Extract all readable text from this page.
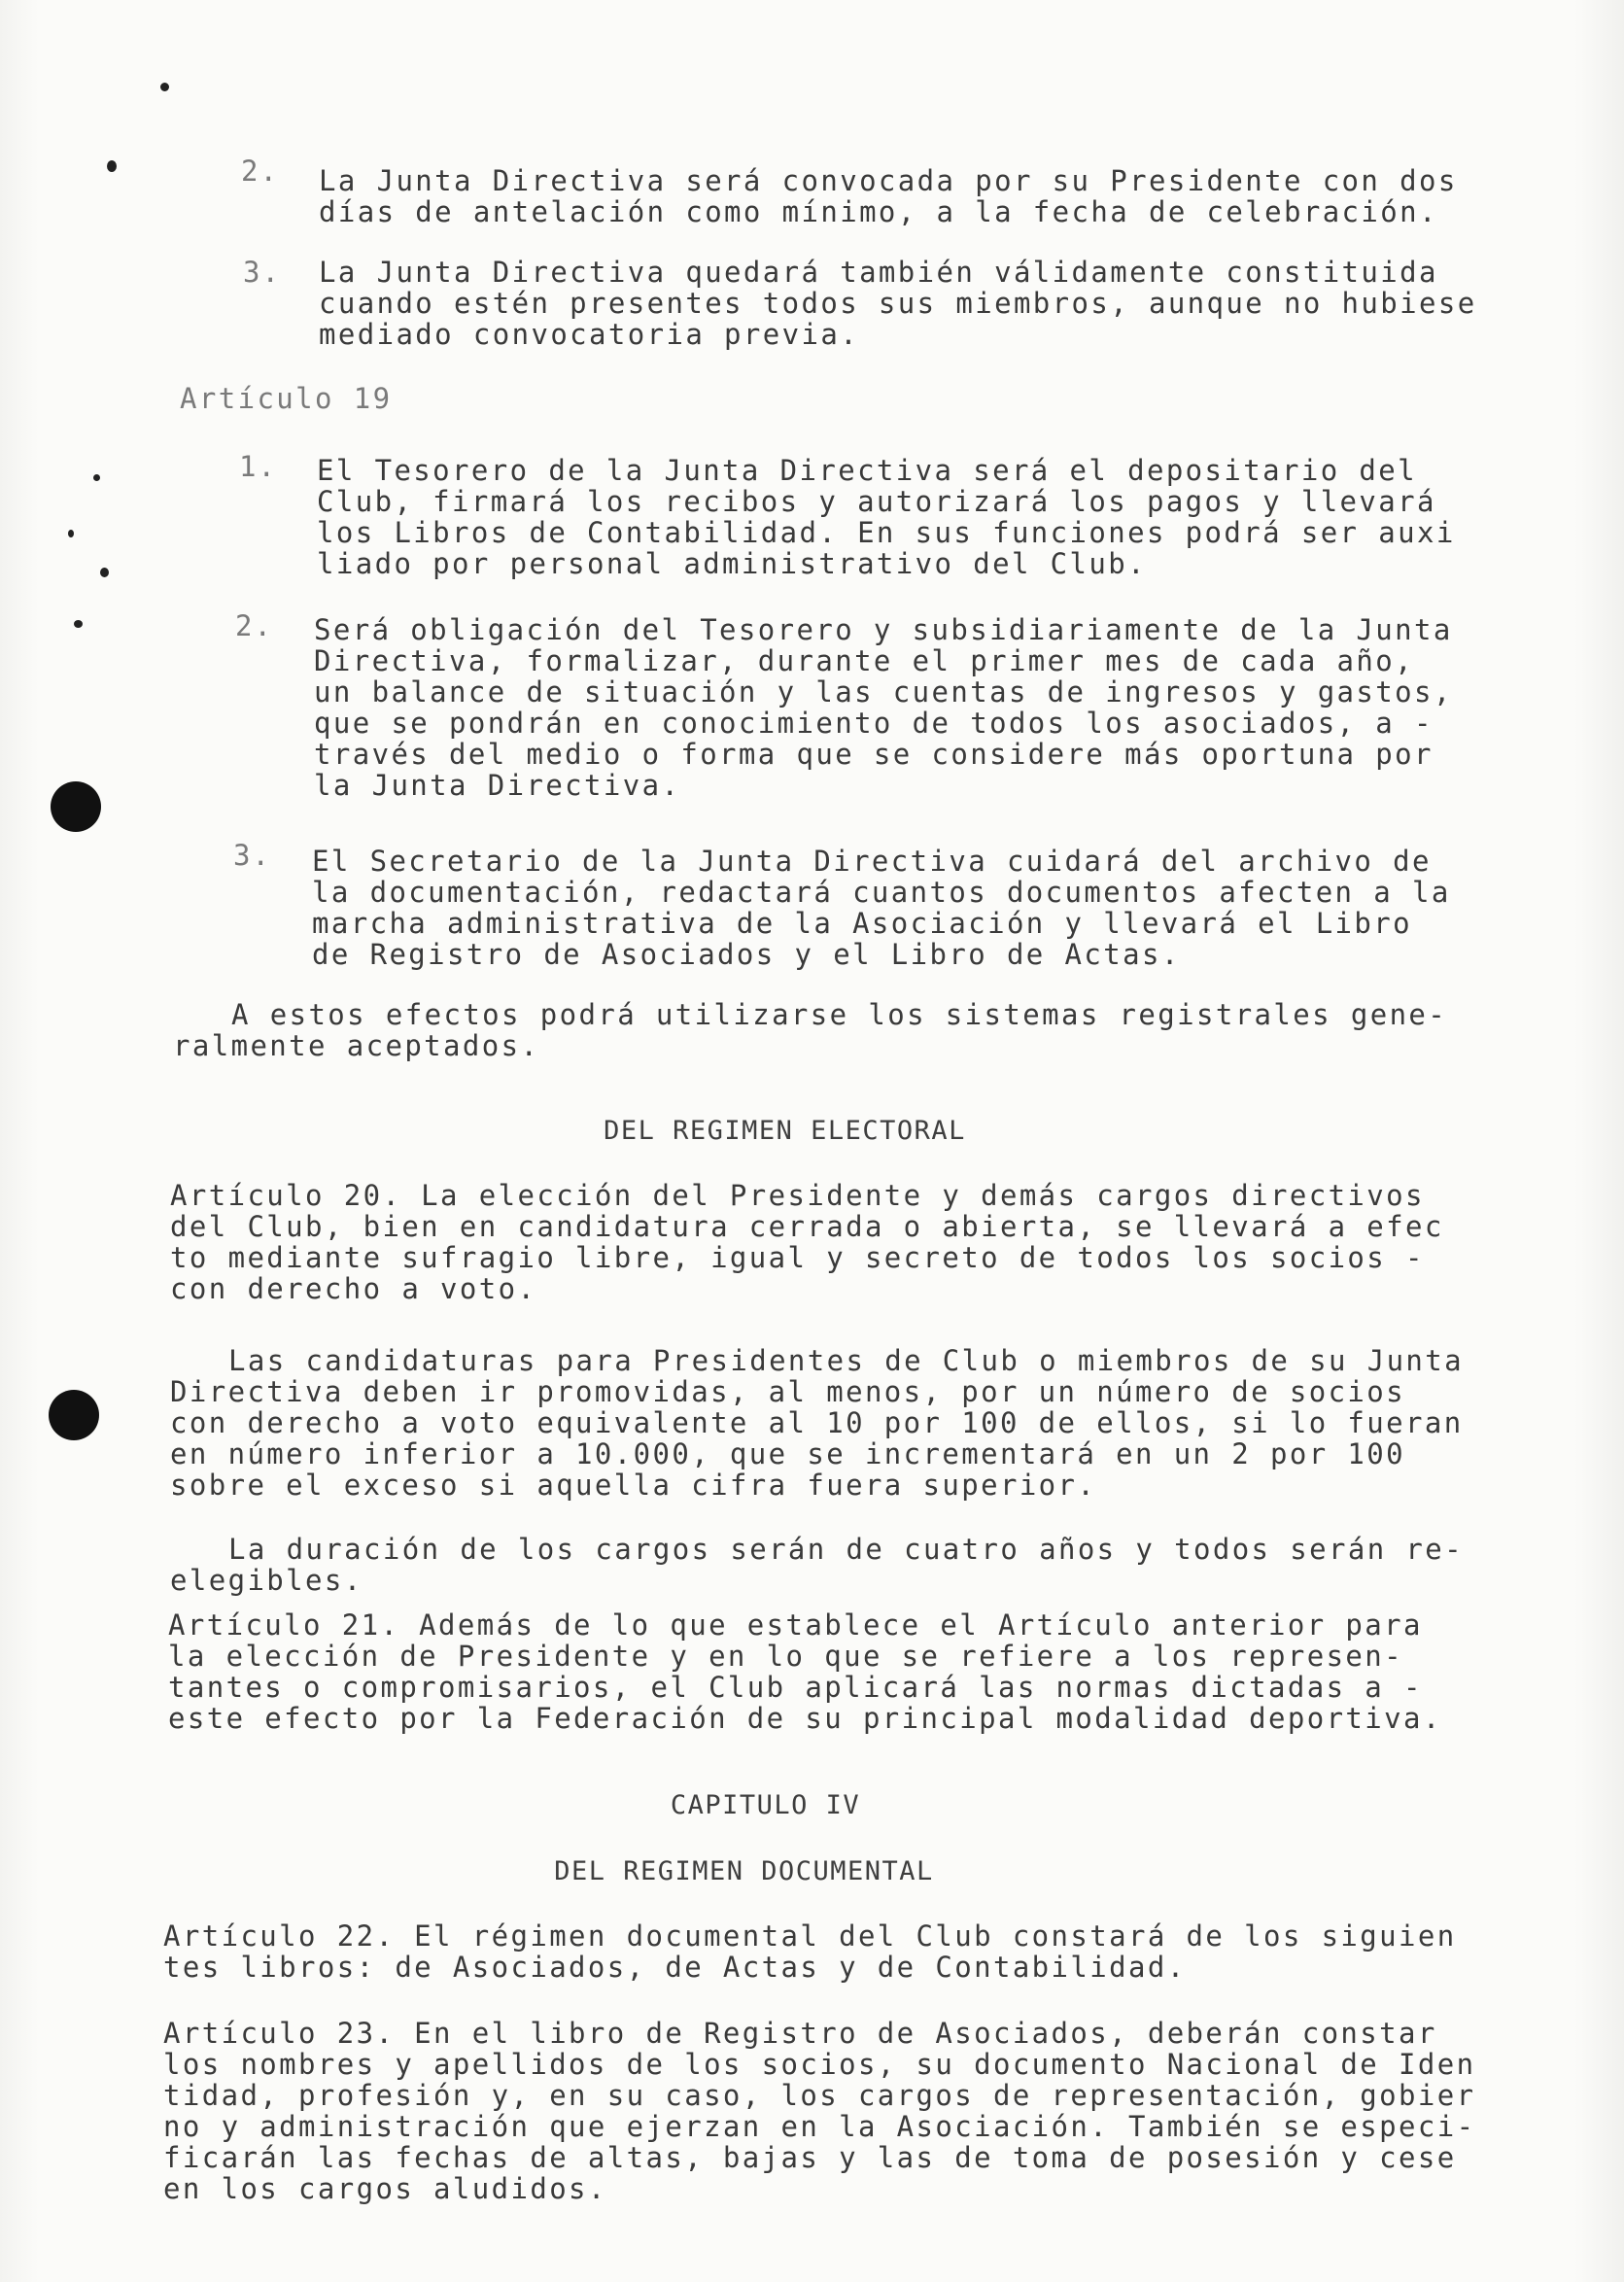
2. La Junta Directiva será convocada por su Presidente con dos
días de antelación como mínimo, a la fecha de celebración.

3. La Junta Directiva quedará también válidamente constituida
cuando estén presentes todos sus miembros, aunque no hubiese
mediado convocatoria previa.

Artículo 19

1. El Tesorero de la Junta Directiva será el depositario del
Club, firmará los recibos y autorizará los pagos y llevará
los Libros de Contabilidad. En sus funciones podrá ser auxi
liado por personal administrativo del Club.

2. Será obligación del Tesorero y subsidiariamente de la Junta
Directiva, formalizar, durante el primer mes de cada año,
un balance de situación y las cuentas de ingresos y gastos,
que se pondrán en conocimiento de todos los asociados, a -
través del medio o forma que se considere más oportuna por
la Junta Directiva.

3. El Secretario de la Junta Directiva cuidará del archivo de
la documentación, redactará cuantos documentos afecten a la
marcha administrativa de la Asociación y llevará el Libro
de Registro de Asociados y el Libro de Actas.

A estos efectos podrá utilizarse los sistemas registrales gene-
ralmente aceptados.

DEL REGIMEN ELECTORAL

Artículo 20. La elección del Presidente y demás cargos directivos
del Club, bien en candidatura cerrada o abierta, se llevará a efec
to mediante sufragio libre, igual y secreto de todos los socios -
con derecho a voto.

Las candidaturas para Presidentes de Club o miembros de su Junta
Directiva deben ir promovidas, al menos, por un número de socios
con derecho a voto equivalente al 10 por 100 de ellos, si lo fueran
en número inferior a 10.000, que se incrementará en un 2 por 100
sobre el exceso si aquella cifra fuera superior.

La duración de los cargos serán de cuatro años y todos serán re-
elegibles.

Artículo 21. Además de lo que establece el Artículo anterior para
la elección de Presidente y en lo que se refiere a los represen-
tantes o compromisarios, el Club aplicará las normas dictadas a -
este efecto por la Federación de su principal modalidad deportiva.

CAPITULO IV
DEL REGIMEN DOCUMENTAL

Artículo 22. El régimen documental del Club constará de los siguien
tes libros: de Asociados, de Actas y de Contabilidad.

Artículo 23. En el libro de Registro de Asociados, deberán constar
los nombres y apellidos de los socios, su documento Nacional de Iden
tidad, profesión y, en su caso, los cargos de representación, gobier
no y administración que ejerzan en la Asociación. También se especi-
ficarán las fechas de altas, bajas y las de toma de posesión y cese
en los cargos aludidos.
